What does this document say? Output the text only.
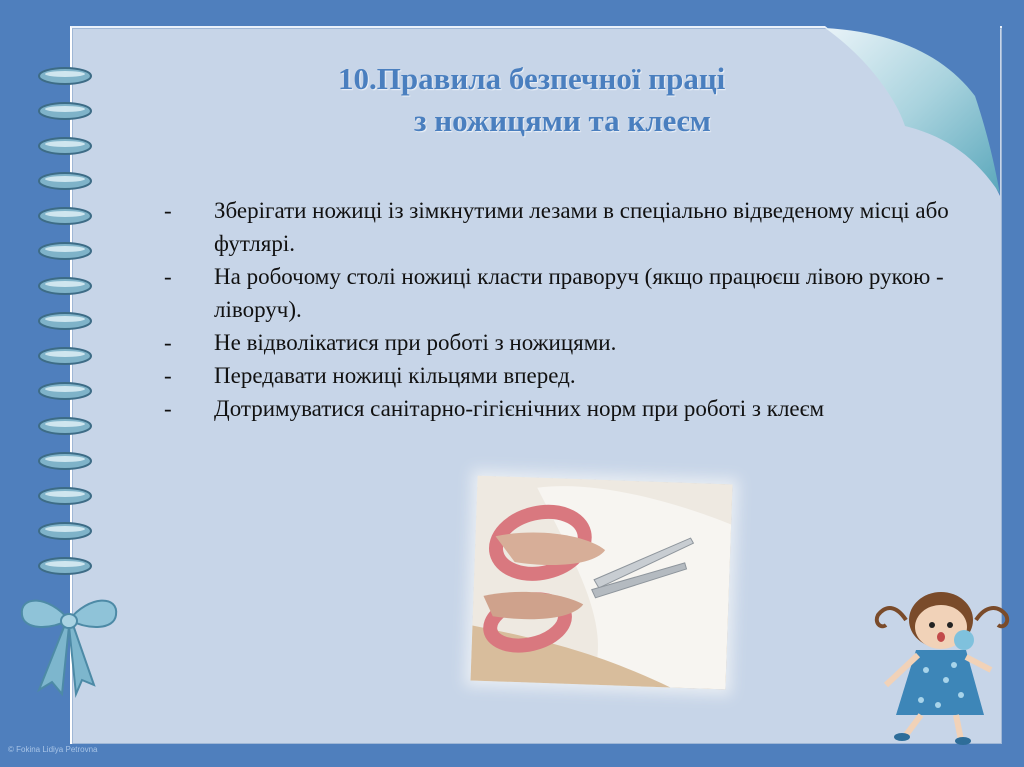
10.Правила безпечної праці
з ножицями та клеєм
-	Зберігати ножиці із зімкнутими лезами в спеціально відведеному місці або футлярі.
-	На робочому столі ножиці класти праворуч (якщо працюєш лівою рукою - ліворуч).
-	Не відволікатися при роботі з ножицями.
-	Передавати ножиці кільцями вперед.
-	Дотримуватися санітарно-гігієнічних норм при роботі з клеєм
© Fokina Lidiya Petrovna
